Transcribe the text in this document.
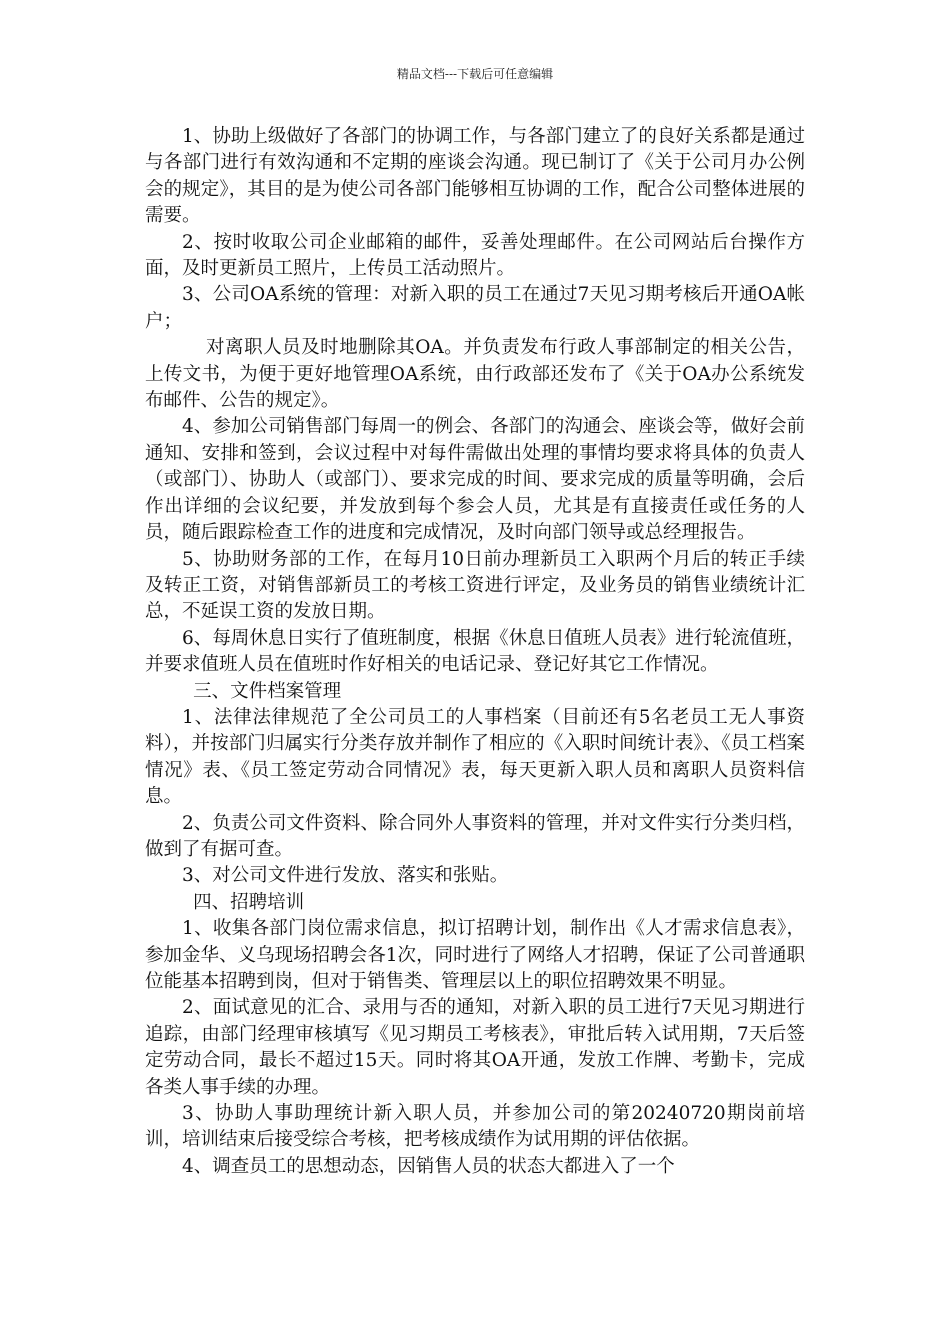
精品文档---下载后可任意编辑

1、协助上级做好了各部门的协调工作，与各部门建立了的良好关系都是通过与各部门进行有效沟通和不定期的座谈会沟通。现已制订了《关于公司月办公例会的规定》，其目的是为使公司各部门能够相互协调的工作，配合公司整体进展的需要。

2、按时收取公司企业邮箱的邮件，妥善处理邮件。在公司网站后台操作方面，及时更新员工照片，上传员工活动照片。

3、公司OA系统的管理：对新入职的员工在通过7天见习期考核后开通OA帐户；

对离职人员及时地删除其OA。并负责发布行政人事部制定的相关公告，上传文书，为便于更好地管理OA系统，由行政部还发布了《关于OA办公系统发布邮件、公告的规定》。

4、参加公司销售部门每周一的例会、各部门的沟通会、座谈会等，做好会前通知、安排和签到，会议过程中对每件需做出处理的事情均要求将具体的负责人（或部门）、协助人（或部门）、要求完成的时间、要求完成的质量等明确，会后作出详细的会议纪要，并发放到每个参会人员，尤其是有直接责任或任务的人员，随后跟踪检查工作的进度和完成情况，及时向部门领导或总经理报告。

5、协助财务部的工作，在每月10日前办理新员工入职两个月后的转正手续及转正工资，对销售部新员工的考核工资进行评定，及业务员的销售业绩统计汇总，不延误工资的发放日期。

6、每周休息日实行了值班制度，根据《休息日值班人员表》进行轮流值班，并要求值班人员在值班时作好相关的电话记录、登记好其它工作情况。

三、文件档案管理

1、法律法律规范了全公司员工的人事档案（目前还有5名老员工无人事资料），并按部门归属实行分类存放并制作了相应的《入职时间统计表》、《员工档案情况》表、《员工签定劳动合同情况》表，每天更新入职人员和离职人员资料信息。

2、负责公司文件资料、除合同外人事资料的管理，并对文件实行分类归档，做到了有据可查。

3、对公司文件进行发放、落实和张贴。

四、招聘培训

1、收集各部门岗位需求信息，拟订招聘计划，制作出《人才需求信息表》，参加金华、义乌现场招聘会各1次，同时进行了网络人才招聘，保证了公司普通职位能基本招聘到岗，但对于销售类、管理层以上的职位招聘效果不明显。

2、面试意见的汇合、录用与否的通知，对新入职的员工进行7天见习期进行追踪，由部门经理审核填写《见习期员工考核表》，审批后转入试用期，7天后签定劳动合同，最长不超过15天。同时将其OA开通，发放工作牌、考勤卡，完成各类人事手续的办理。

3、协助人事助理统计新入职人员，并参加公司的第20240720期岗前培训，培训结束后接受综合考核，把考核成绩作为试用期的评估依据。

4、调查员工的思想动态，因销售人员的状态大都进入了一个
